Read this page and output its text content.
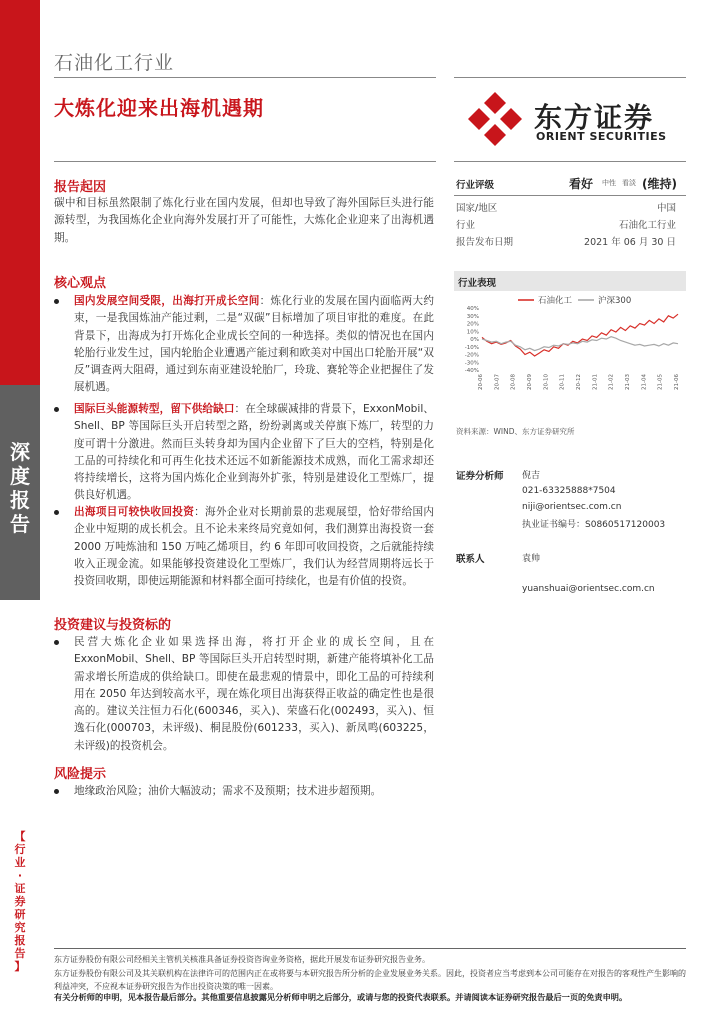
深
度
报
告
【
行
业
·
证
券
研
究
报
告
】
石油化工行业
大炼化迎来出海机遇期	东方证券
ORIENT SECURITIES
报告起因
碳中和目标虽然限制了炼化行业在国内发展，但却也导致了海外国际巨头进行能源转型，为我国炼化企业向海外发展打开了可能性，大炼化企业迎来了出海机遇期。
核心观点
国内发展空间受限，出海打开成长空间：炼化行业的发展在国内面临两大约束，一是我国炼油产能过剩，二是“双碳”目标增加了项目审批的难度。在此背景下，出海成为打开炼化企业成长空间的一种选择。类似的情况也在国内轮胎行业发生过，国内轮胎企业遭遇产能过剩和欧美对中国出口轮胎开展“双反”调查两大阻碍，通过到东南亚建设轮胎厂，玲珑、赛轮等企业把握住了发展机遇。
国际巨头能源转型，留下供给缺口：在全球碳减排的背景下，ExxonMobil、Shell、BP 等国际巨头开启转型之路，纷纷剥离或关停旗下炼厂，转型的力度可谓十分激进。然而巨头转身却为国内企业留下了巨大的空档，特别是化工品的可持续化和可再生化技术还远不如新能源技术成熟，而化工需求却还将持续增长，这将为国内炼化企业到海外扩张，特别是建设化工型炼厂，提供良好机遇。
出海项目可较快收回投资：海外企业对长期前景的悲观展望，恰好带给国内企业中短期的成长机会。且不论未来终局究竟如何，我们测算出海投资一套 2000 万吨炼油和 150 万吨乙烯项目，约 6 年即可收回投资，之后就能持续收入正现金流。如果能够投资建设化工型炼厂，我们认为经营周期将远长于投资回收期，即使远期能源和材料都全面可持续化，也是有价值的投资。
投资建议与投资标的
民营大炼化企业如果选择出海，将打开企业的成长空间，且在 ExxonMobil、Shell、BP 等国际巨头开启转型时期，新建产能将填补化工品需求增长所造成的供给缺口。即使在最悲观的情景中，即化工品的可持续利用在 2050 年达到较高水平，现在炼化项目出海获得正收益的确定性也是很高的。建议关注恒力石化(600346，买入)、荣盛石化(002493，买入)、恒逸石化(000703，未评级)、桐昆股份(601233，买入)、新凤鸣(603225，未评级)的投资机会。
风险提示
地缘政治风险；油价大幅波动；需求不及预期；技术进步超预期。
行业评级	看好 中性 看淡 (维持)
国家/地区	中国
行业	石油化工行业
报告发布日期	2021 年 06 月 30 日
行业表现
40%
30%
20%
10%
0%
-10%
-20%
-30%
-40%
20-06 20-07 20-08 20-09 20-10 20-11 20-12 21-01 21-02 21-03 21-04 21-05 21-06
石油化工	沪深300
资料来源：WIND、东方证券研究所
证券分析师 倪吉
021-63325888*7504
niji@orientsec.com.cn
执业证书编号：S0860517120003
联系人	袁帅
yuanshuai@orientsec.com.cn
东方证券股份有限公司经相关主管机关核准具备证券投资咨询业务资格，据此开展发布证券研究报告业务。
东方证券股份有限公司及其关联机构在法律许可的范围内正在或将要与本研究报告所分析的企业发展业务关系。因此，投资者应当考虑到本公司可能存在对报告的客观性产生影响的利益冲突，不应视本证券研究报告为作出投资决策的唯一因素。
有关分析师的申明，见本报告最后部分。其他重要信息披露见分析师申明之后部分，或请与您的投资代表联系。并请阅读本证券研究报告最后一页的免责申明。
